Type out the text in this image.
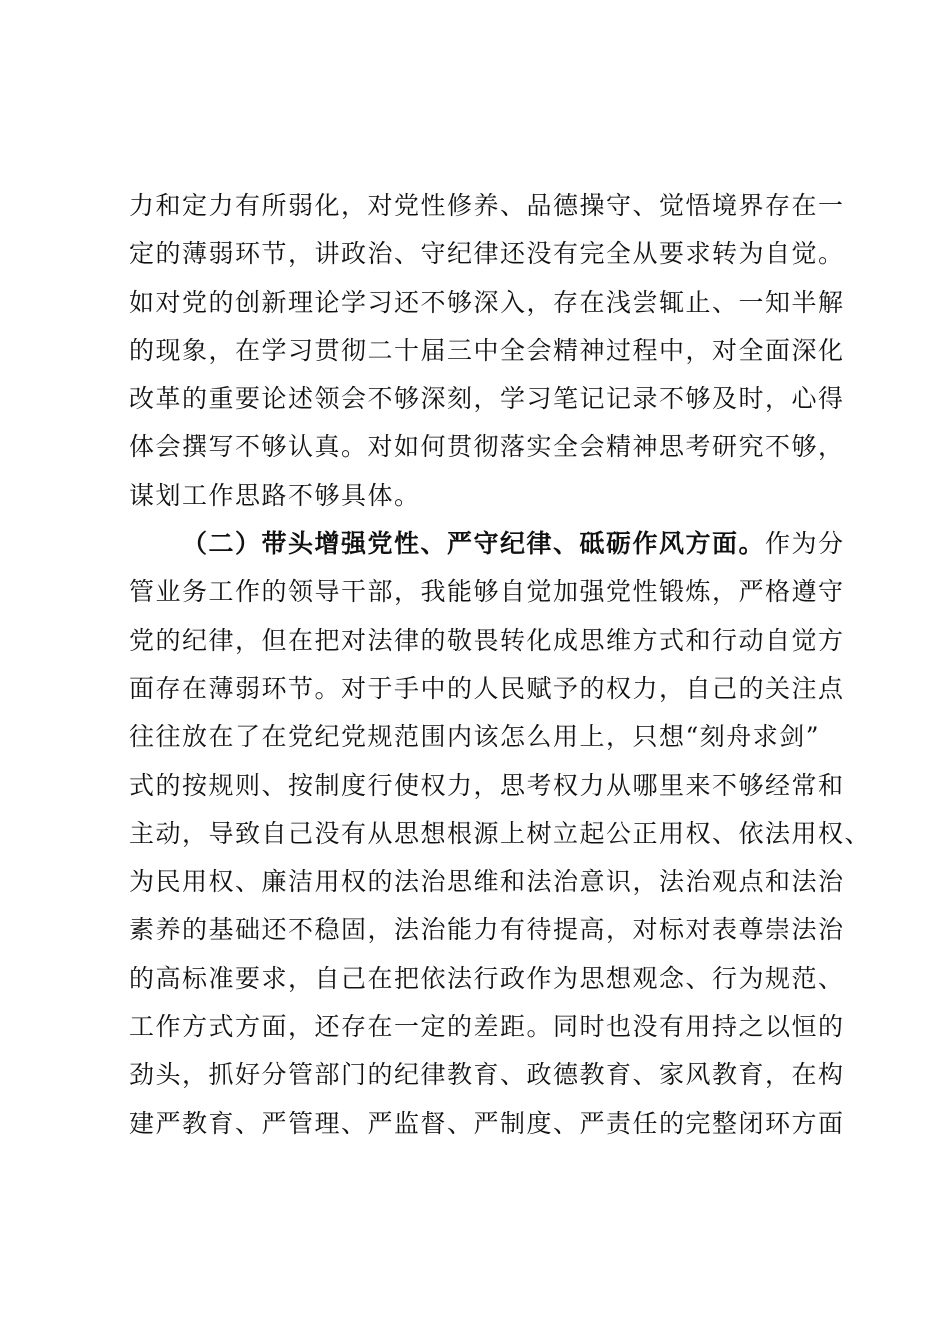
力和定力有所弱化，对党性修养、品德操守、觉悟境界存在一
定的薄弱环节，讲政治、守纪律还没有完全从要求转为自觉。
如对党的创新理论学习还不够深入，存在浅尝辄止、一知半解
的现象，在学习贯彻二十届三中全会精神过程中，对全面深化
改革的重要论述领会不够深刻，学习笔记记录不够及时，心得
体会撰写不够认真。对如何贯彻落实全会精神思考研究不够，
谋划工作思路不够具体。
（二）带头增强党性、严守纪律、砥砺作风方面。作为分
管业务工作的领导干部，我能够自觉加强党性锻炼，严格遵守
党的纪律，但在把对法律的敬畏转化成思维方式和行动自觉方
面存在薄弱环节。对于手中的人民赋予的权力，自己的关注点
往往放在了在党纪党规范围内该怎么用上，只想“刻舟求剑”
式的按规则、按制度行使权力，思考权力从哪里来不够经常和
主动，导致自己没有从思想根源上树立起公正用权、依法用权、
为民用权、廉洁用权的法治思维和法治意识，法治观点和法治
素养的基础还不稳固，法治能力有待提高，对标对表尊崇法治
的高标准要求，自己在把依法行政作为思想观念、行为规范、
工作方式方面，还存在一定的差距。同时也没有用持之以恒的
劲头，抓好分管部门的纪律教育、政德教育、家风教育，在构
建严教育、严管理、严监督、严制度、严责任的完整闭环方面
